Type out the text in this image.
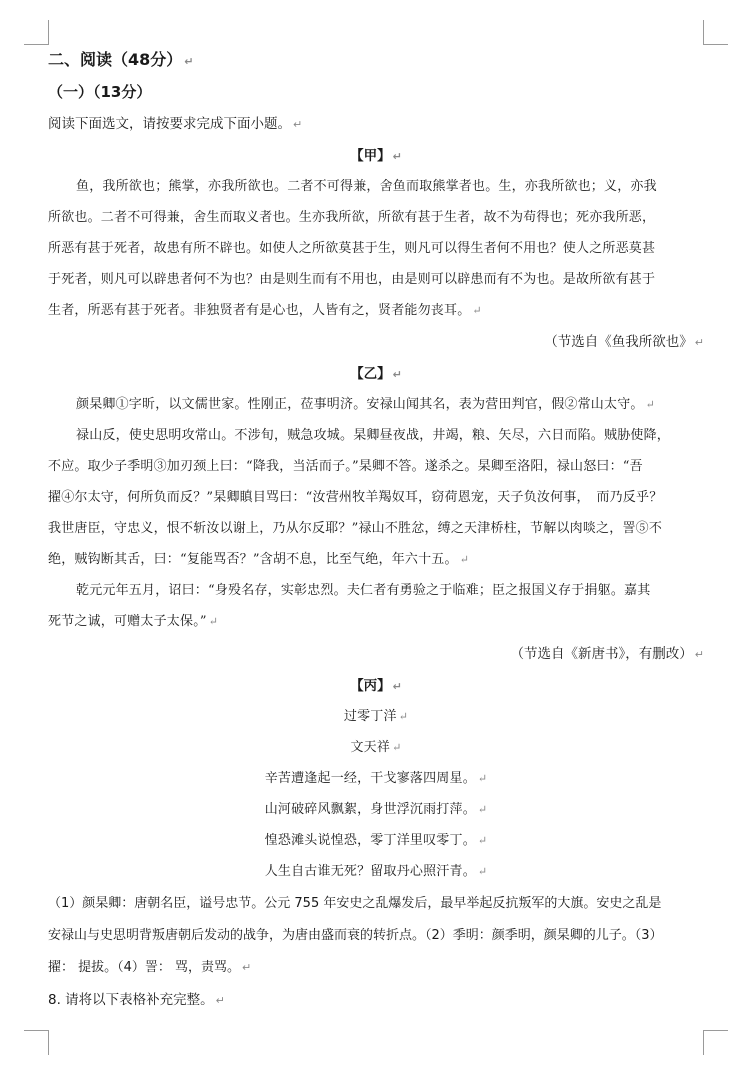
二、阅读（48分） ↵
（一）（13分）
阅读下面选文，请按要求完成下面小题。 ↵
【甲】 ↵
鱼，我所欲也；熊掌，亦我所欲也。二者不可得兼，舍鱼而取熊掌者也。生，亦我所欲也；义，亦我
所欲也。二者不可得兼，舍生而取义者也。生亦我所欲，所欲有甚于生者，故不为苟得也；死亦我所恶，
所恶有甚于死者，故患有所不辟也。如使人之所欲莫甚于生，则凡可以得生者何不用也？使人之所恶莫甚
于死者，则凡可以辟患者何不为也？由是则生而有不用也，由是则可以辟患而有不为也。是故所欲有甚于
生者，所恶有甚于死者。非独贤者有是心也，人皆有之，贤者能勿丧耳。 ↵
（节选自《鱼我所欲也》 ↵
【乙】 ↵
颜杲卿①字昕，以文儒世家。性刚正，莅事明济。安禄山闻其名，表为营田判官，假②常山太守。 ↵
禄山反，使史思明攻常山。不涉旬，贼急攻城。杲卿昼夜战，井竭，粮、矢尽，六日而陷。贼胁使降，
不应。取少子季明③加刃颈上曰：“降我，当活而子。”杲卿不答。遂杀之。杲卿至洛阳，禄山怒曰：“吾
擢④尔太守，何所负而反？”杲卿瞋目骂曰：“汝营州牧羊羯奴耳，窃荷恩宠，天子负汝何事，　而乃反乎？
我世唐臣，守忠义，恨不斩汝以谢上，乃从尔反耶？”禄山不胜忿，缚之天津桥柱，节解以肉啖之，詈⑤不
绝，贼钩断其舌，曰：“复能骂否？”含胡不息，比至气绝，年六十五。 ↵
乾元元年五月，诏曰：“身殁名存，实彰忠烈。夫仁者有勇验之于临难；臣之报国义存于捐躯。嘉其
死节之诚，可赠太子太保。” ↵
（节选自《新唐书》，有删改） ↵
【丙】 ↵
过零丁洋 ↵
文天祥 ↵
辛苦遭逢起一经，干戈寥落四周星。 ↵
山河破碎风飘絮，身世浮沉雨打萍。 ↵
惶恐滩头说惶恐，零丁洋里叹零丁。 ↵
人生自古谁无死？留取丹心照汗青。 ↵
（1）颜杲卿：唐朝名臣，谥号忠节。公元 755 年安史之乱爆发后，最早举起反抗叛军的大旗。安史之乱是
安禄山与史思明背叛唐朝后发动的战争，为唐由盛而衰的转折点。（2）季明：颜季明，颜杲卿的儿子。（3）
擢： 提拔。（4）詈： 骂，责骂。 ↵
8. 请将以下表格补充完整。 ↵
